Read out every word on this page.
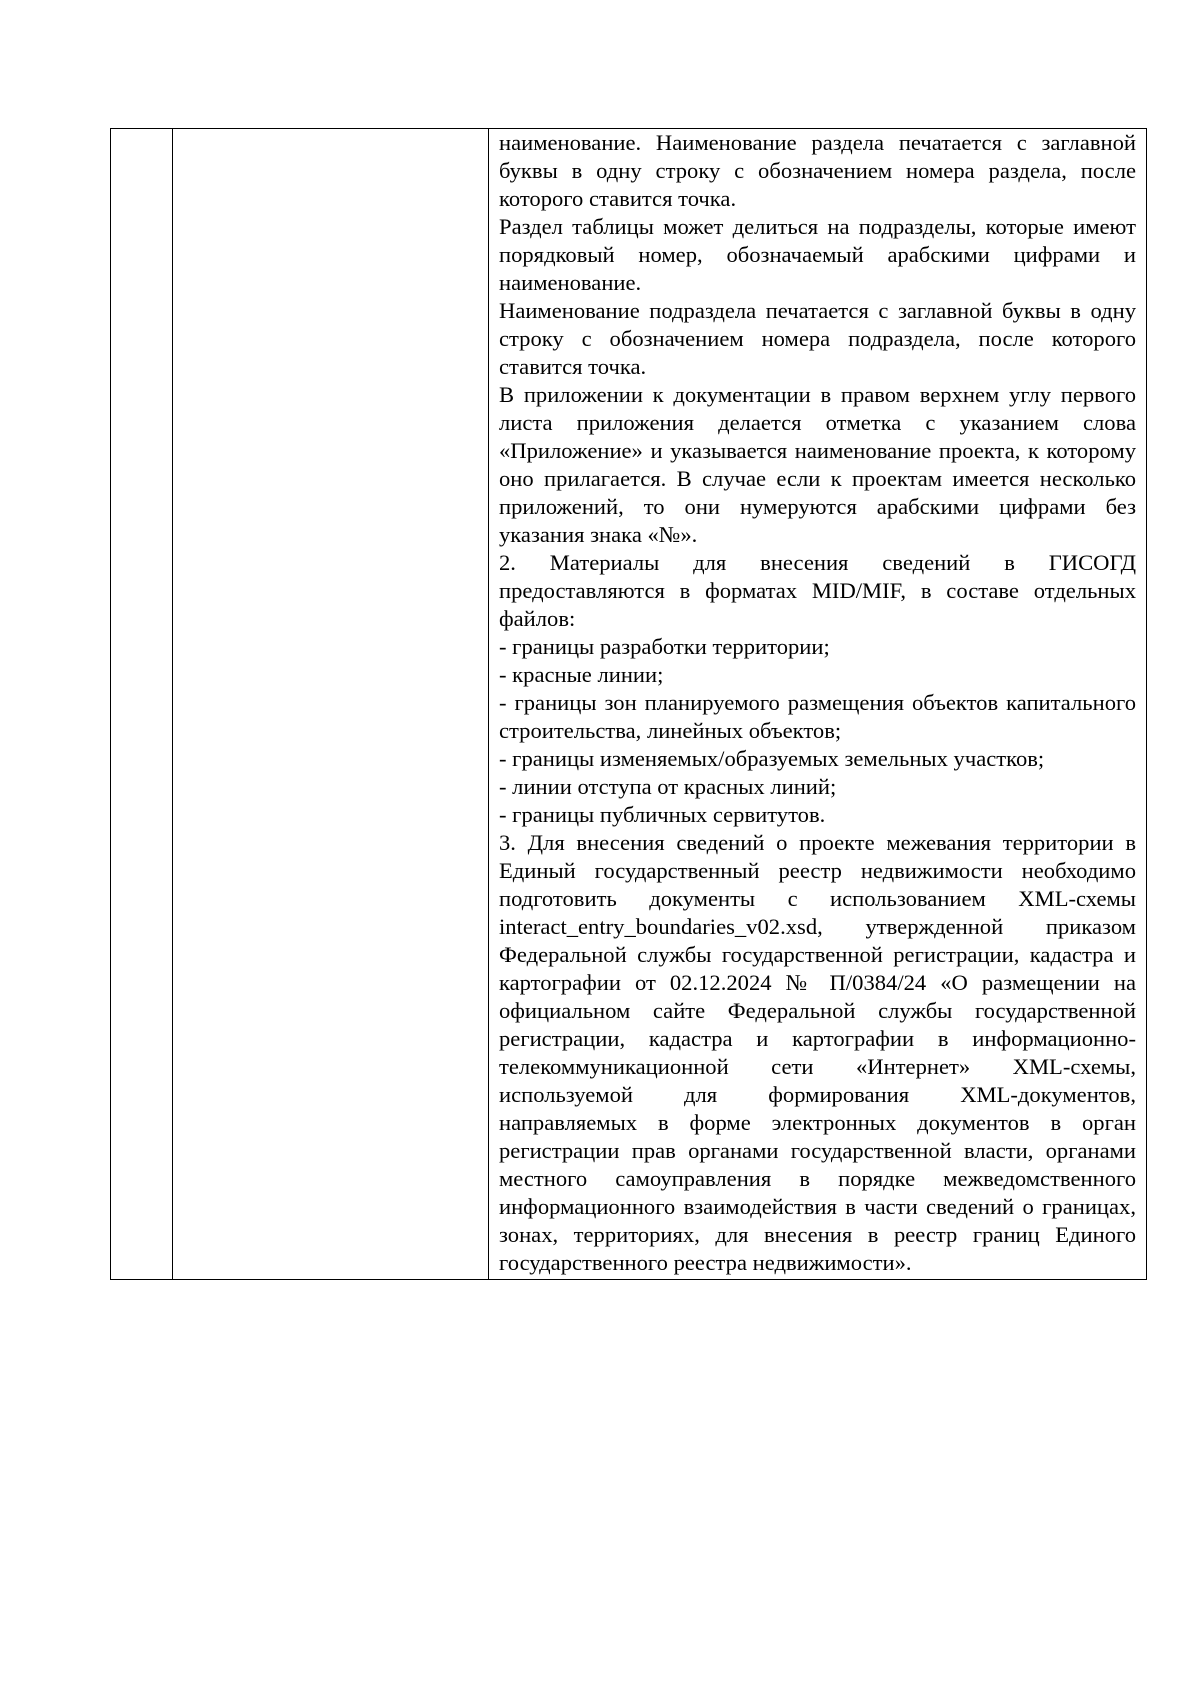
наименование. Наименование раздела печатается с заглавной буквы в одну строку с обозначением номера раздела, после которого ставится точка.

Раздел таблицы может делиться на подразделы, которые имеют порядковый номер, обозначаемый арабскими цифрами и наименование.

Наименование подраздела печатается с заглавной буквы в одну строку с обозначением номера подраздела, после которого ставится точка.

В приложении к документации в правом верхнем углу первого листа приложения делается отметка с указанием слова «Приложение» и указывается наименование проекта, к которому оно прилагается. В случае если к проектам имеется несколько приложений, то они нумеруются арабскими цифрами без указания знака «№».

2. Материалы для внесения сведений в ГИСОГД предоставляются в форматах MID/MIF, в составе отдельных файлов:

- границы разработки территории;

- красные линии;

- границы зон планируемого размещения объектов капитального строительства, линейных объектов;

- границы изменяемых/образуемых земельных участков;

- линии отступа от красных линий;

- границы публичных сервитутов.

3. Для внесения сведений о проекте межевания территории в Единый государственный реестр недвижимости необходимо подготовить документы с использованием XML-схемы interact_entry_boundaries_v02.xsd, утвержденной приказом Федеральной службы государственной регистрации, кадастра и картографии от 02.12.2024 № П/0384/24 «О размещении на официальном сайте Федеральной службы государственной регистрации, кадастра и картографии в информационно-телекоммуникационной сети «Интернет» XML-схемы, используемой для формирования XML-документов, направляемых в форме электронных документов в орган регистрации прав органами государственной власти, органами местного самоуправления в порядке межведомственного информационного взаимодействия в части сведений о границах, зонах, территориях, для внесения в реестр границ Единого государственного реестра недвижимости».
